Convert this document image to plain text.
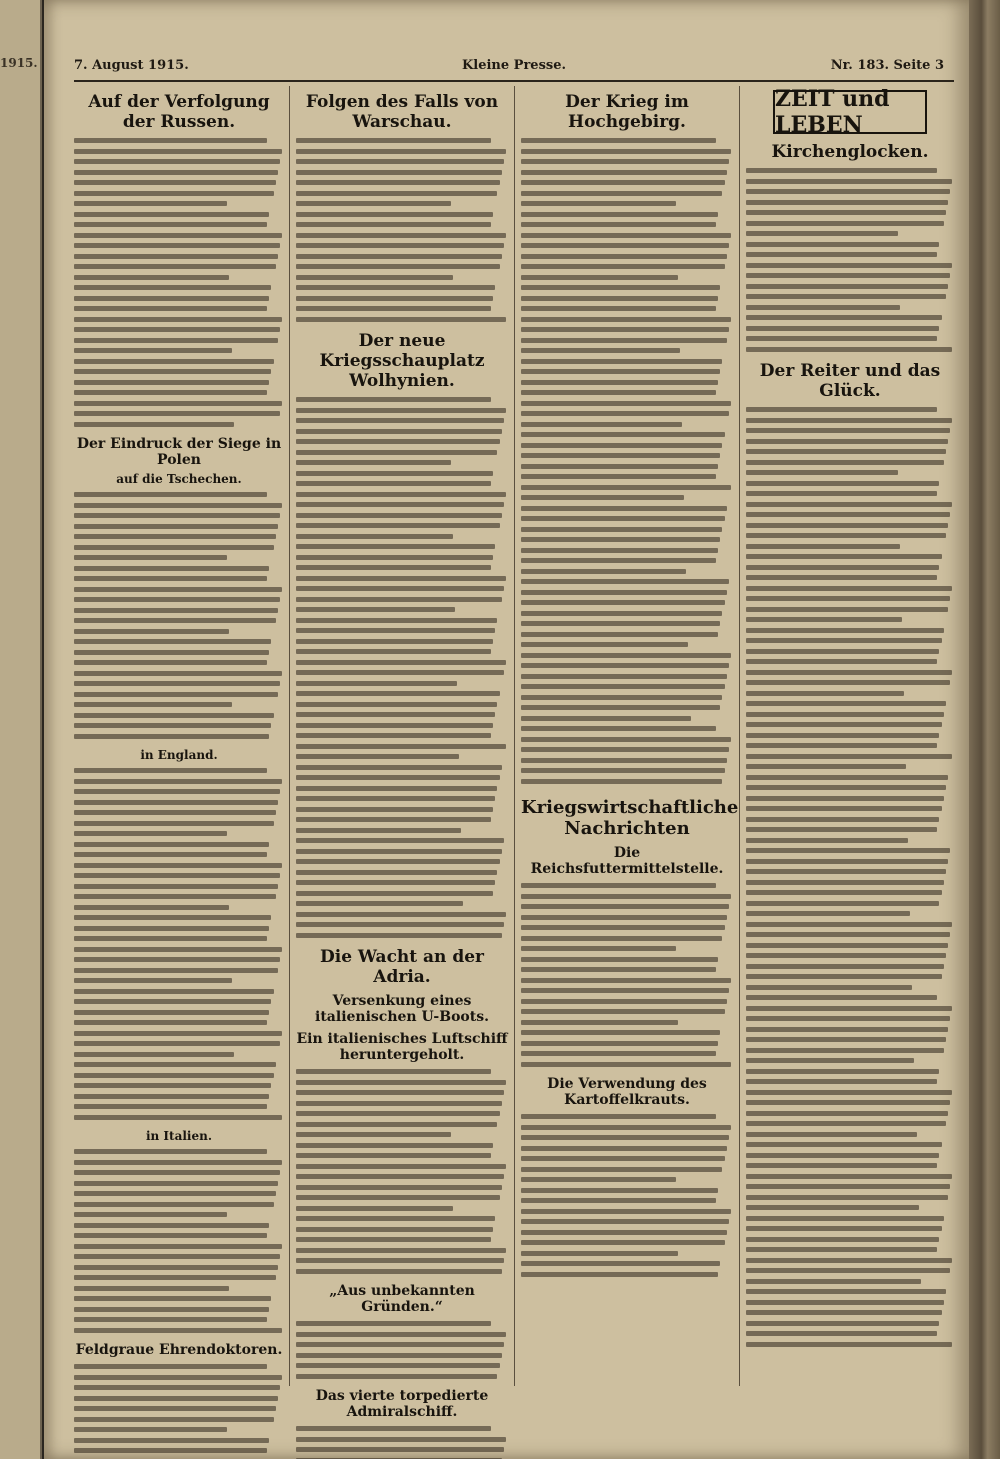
1915.	7. August 1915.	Kleine Presse.	Nr. 183. Seite 3
Auf der Verfolgung der Russen.
Der Eindruck der Siege in Polen
auf die Tschechen.
in England.
in Italien.
Feldgraue Ehrendoktoren.
Folgen des Falls von Warschau.
Der neue Kriegsschauplatz Wolhynien.
Die Wacht an der Adria.
Versenkung eines italienischen U-Boots.
Ein italienisches Luftschiff heruntergeholt.
„Aus unbekannten Gründen.“
Das vierte torpedierte Admiralschiff.
Der Krieg im Hochgebirg.
Kriegswirtschaftliche Nachrichten
Die Reichsfuttermittelstelle.
Die Verwendung des Kartoffelkrauts.
ZEIT und LEBEN
Kirchenglocken.
Der Reiter und das Glück.
